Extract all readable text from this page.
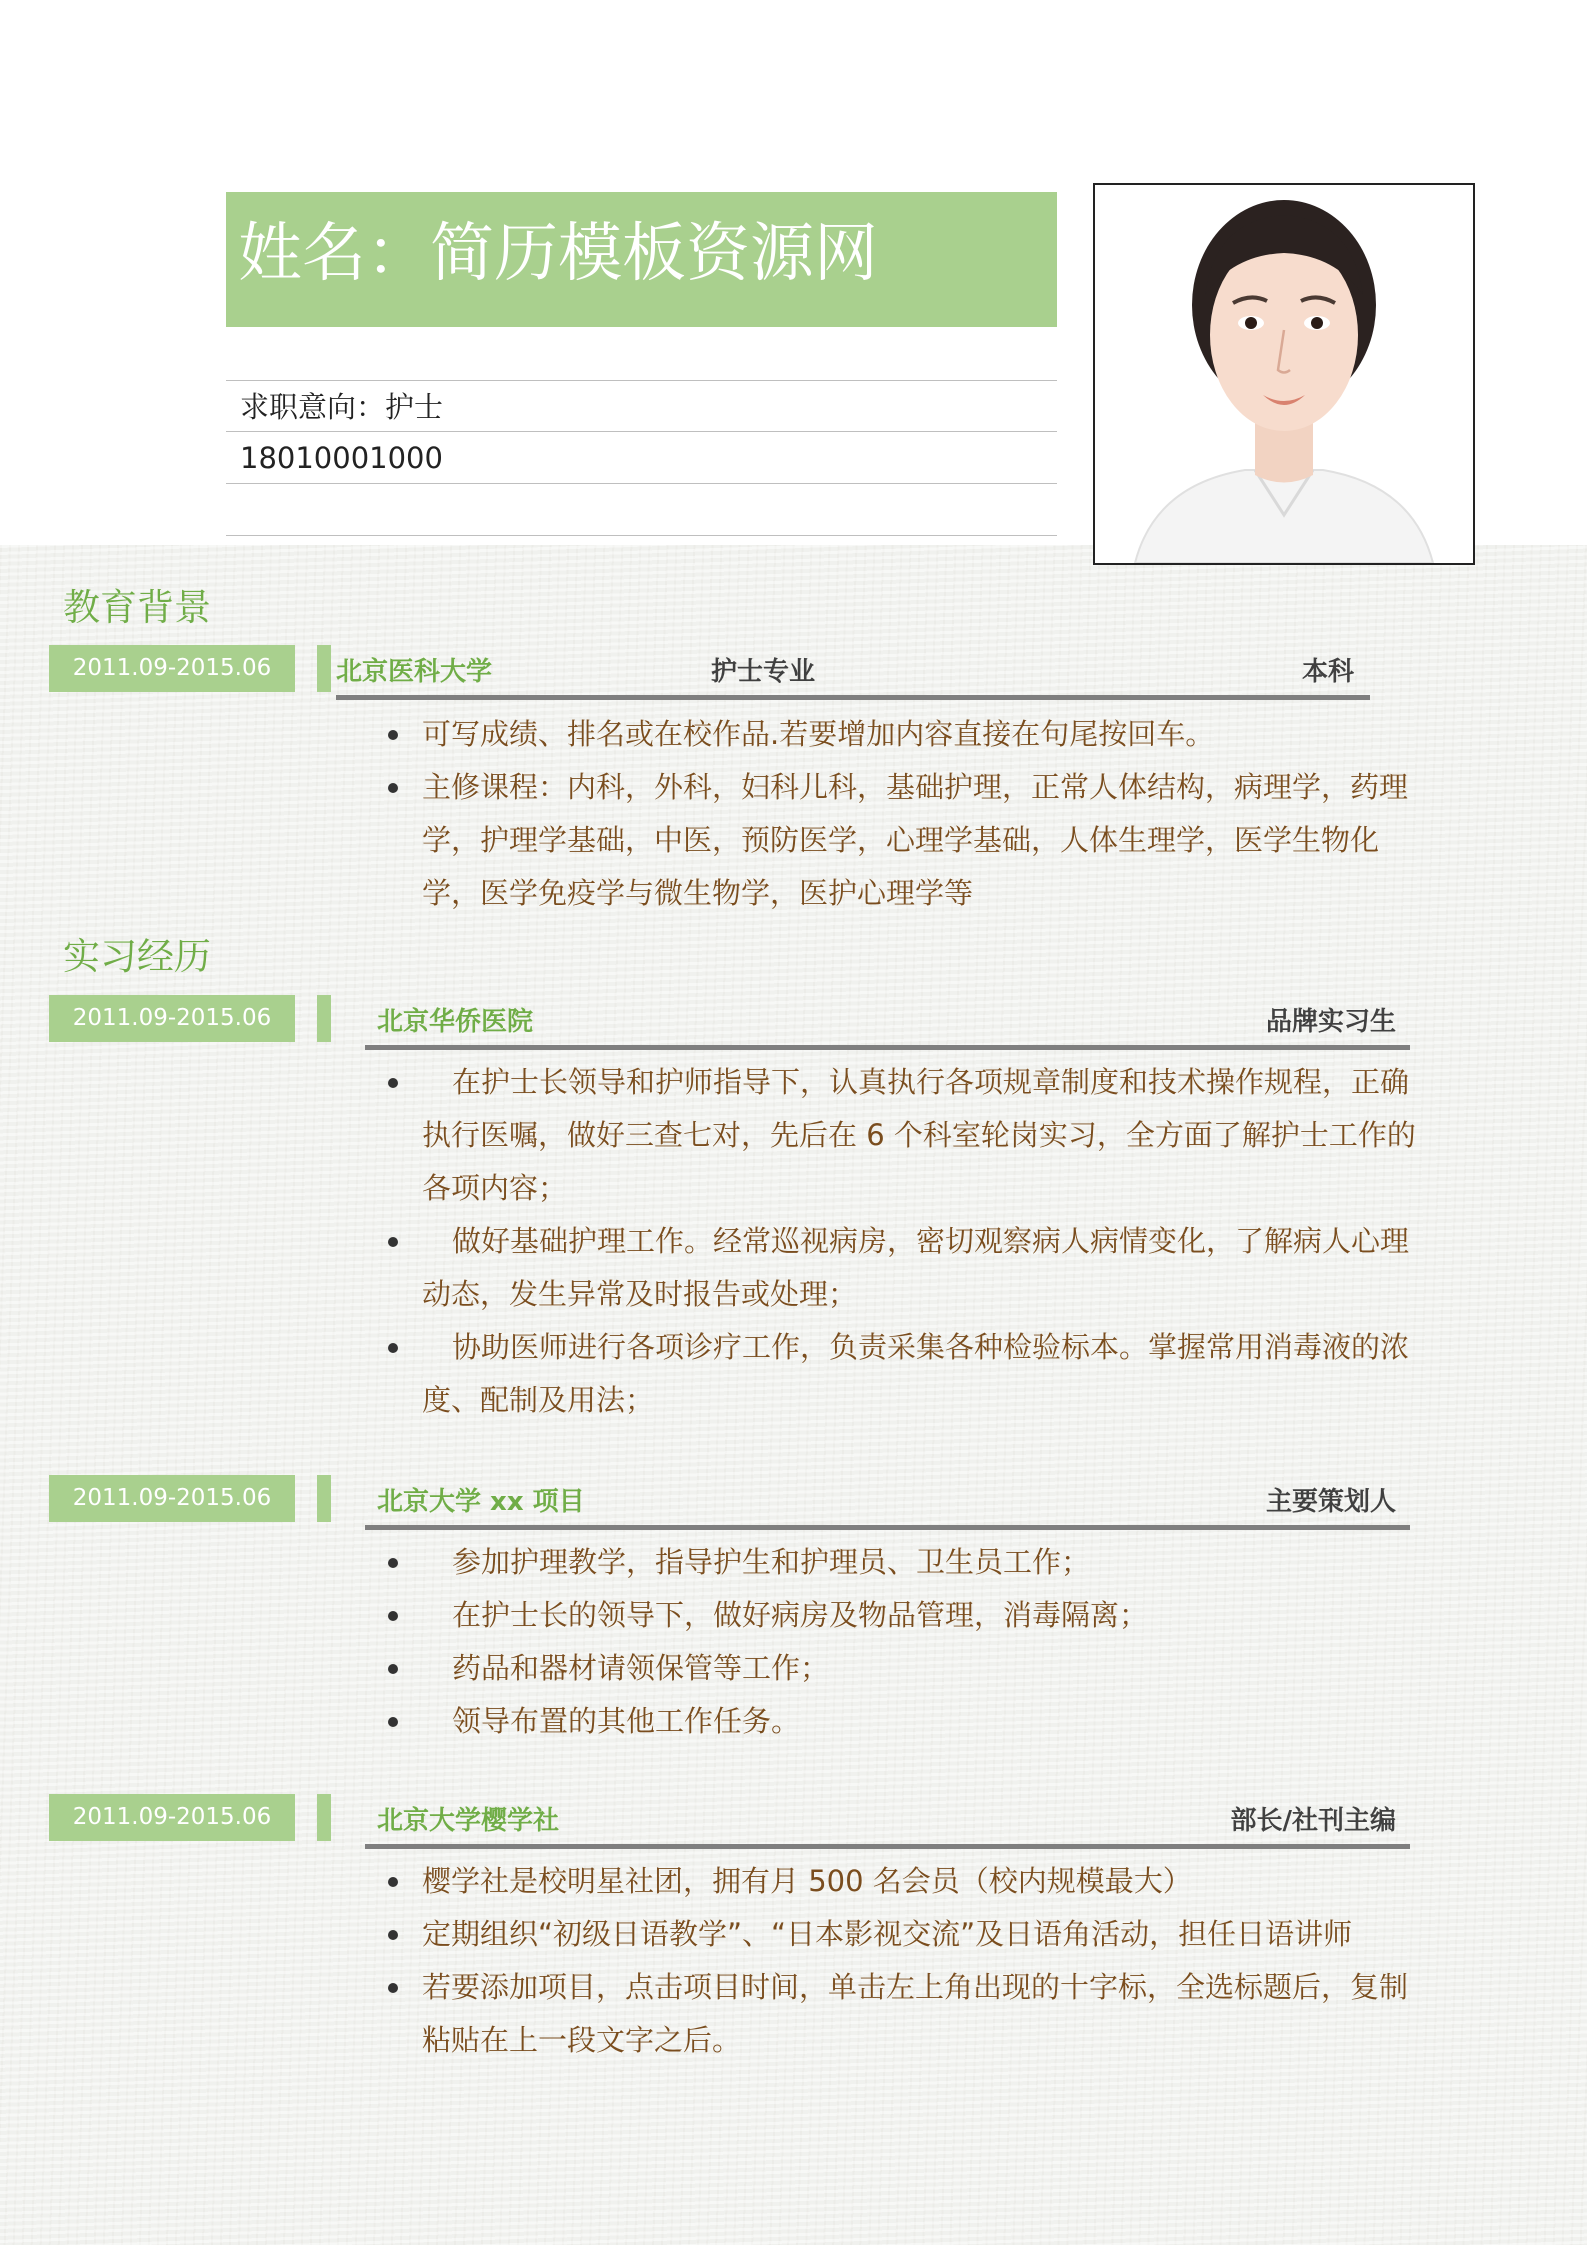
姓名：简历模板资源网
求职意向：护士
18010001000
教育背景
2011.09-2015.06	北京医科大学	护士专业	本科
可写成绩、排名或在校作品.若要增加内容直接在句尾按回车。
主修课程：内科，外科，妇科儿科，基础护理，正常人体结构，病理学，药理学，护理学基础，中医，预防医学，心理学基础，人体生理学，医学生物化学，医学免疫学与微生物学，医护心理学等
实习经历
2011.09-2015.06	北京华侨医院	品牌实习生
在护士长领导和护师指导下，认真执行各项规章制度和技术操作规程，正确执行医嘱，做好三查七对，先后在 6 个科室轮岗实习，全方面了解护士工作的各项内容；
做好基础护理工作。经常巡视病房，密切观察病人病情变化，了解病人心理动态，发生异常及时报告或处理；
协助医师进行各项诊疗工作，负责采集各种检验标本。掌握常用消毒液的浓度、配制及用法；
2011.09-2015.06	北京大学 xx 项目	主要策划人
参加护理教学，指导护生和护理员、卫生员工作；
在护士长的领导下，做好病房及物品管理，消毒隔离；
药品和器材请领保管等工作；
领导布置的其他工作任务。
2011.09-2015.06	北京大学樱学社	部长/社刊主编
樱学社是校明星社团，拥有月 500 名会员（校内规模最大）
定期组织“初级日语教学”、“日本影视交流”及日语角活动，担任日语讲师
若要添加项目，点击项目时间，单击左上角出现的十字标，全选标题后，复制粘贴在上一段文字之后。
